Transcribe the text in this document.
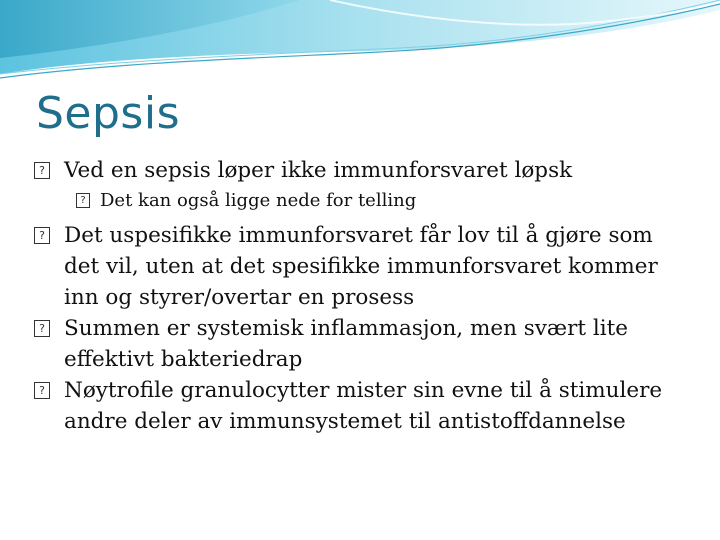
Sepsis
? Ved en sepsis løper ikke immunforsvaret løpsk
? Det kan også ligge nede for telling
? Det uspesifikke immunforsvaret får lov til å gjøre som det vil, uten at det spesifikke immunforsvaret kommer inn og styrer/overtar en prosess
? Summen er systemisk inflammasjon, men svært lite effektivt bakteriedrap
? Nøytrofile granulocytter mister sin evne til å stimulere andre deler av immunsystemet til antistoffdannelse
